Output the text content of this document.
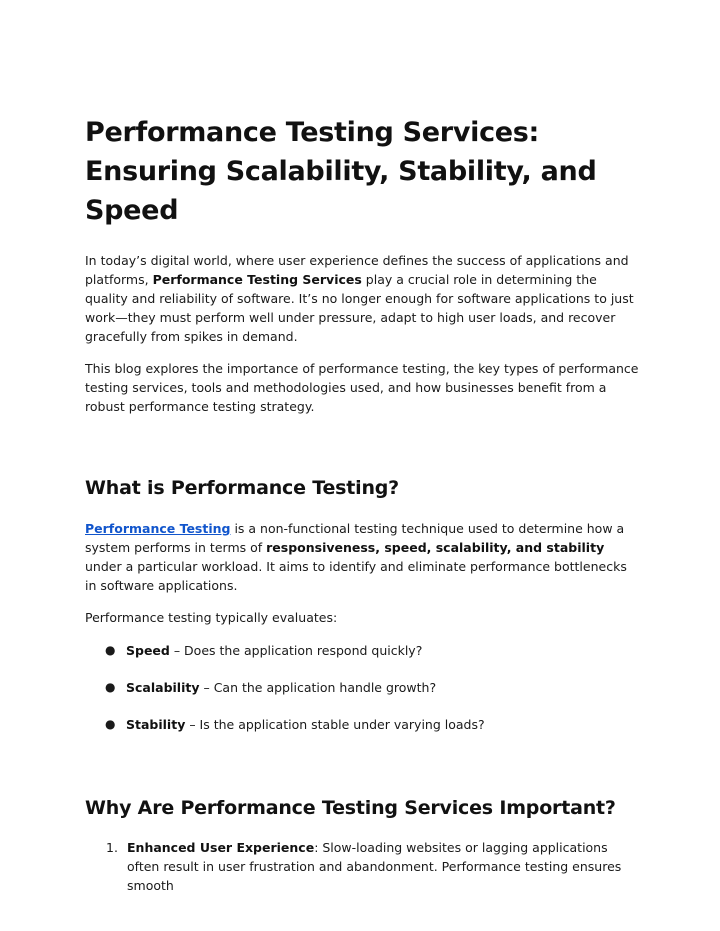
Performance Testing Services: Ensuring Scalability, Stability, and Speed

In today’s digital world, where user experience defines the success of applications and platforms, Performance Testing Services play a crucial role in determining the quality and reliability of software. It’s no longer enough for software applications to just work—they must perform well under pressure, adapt to high user loads, and recover gracefully from spikes in demand.

This blog explores the importance of performance testing, the key types of performance testing services, tools and methodologies used, and how businesses benefit from a robust performance testing strategy.

What is Performance Testing?

Performance Testing is a non-functional testing technique used to determine how a system performs in terms of responsiveness, speed, scalability, and stability under a particular workload. It aims to identify and eliminate performance bottlenecks in software applications.

Performance testing typically evaluates:

● Speed – Does the application respond quickly?
● Scalability – Can the application handle growth?
● Stability – Is the application stable under varying loads?
Why Are Performance Testing Services Important?
1. Enhanced User Experience: Slow-loading websites or lagging applications often result in user frustration and abandonment. Performance testing ensures smooth
